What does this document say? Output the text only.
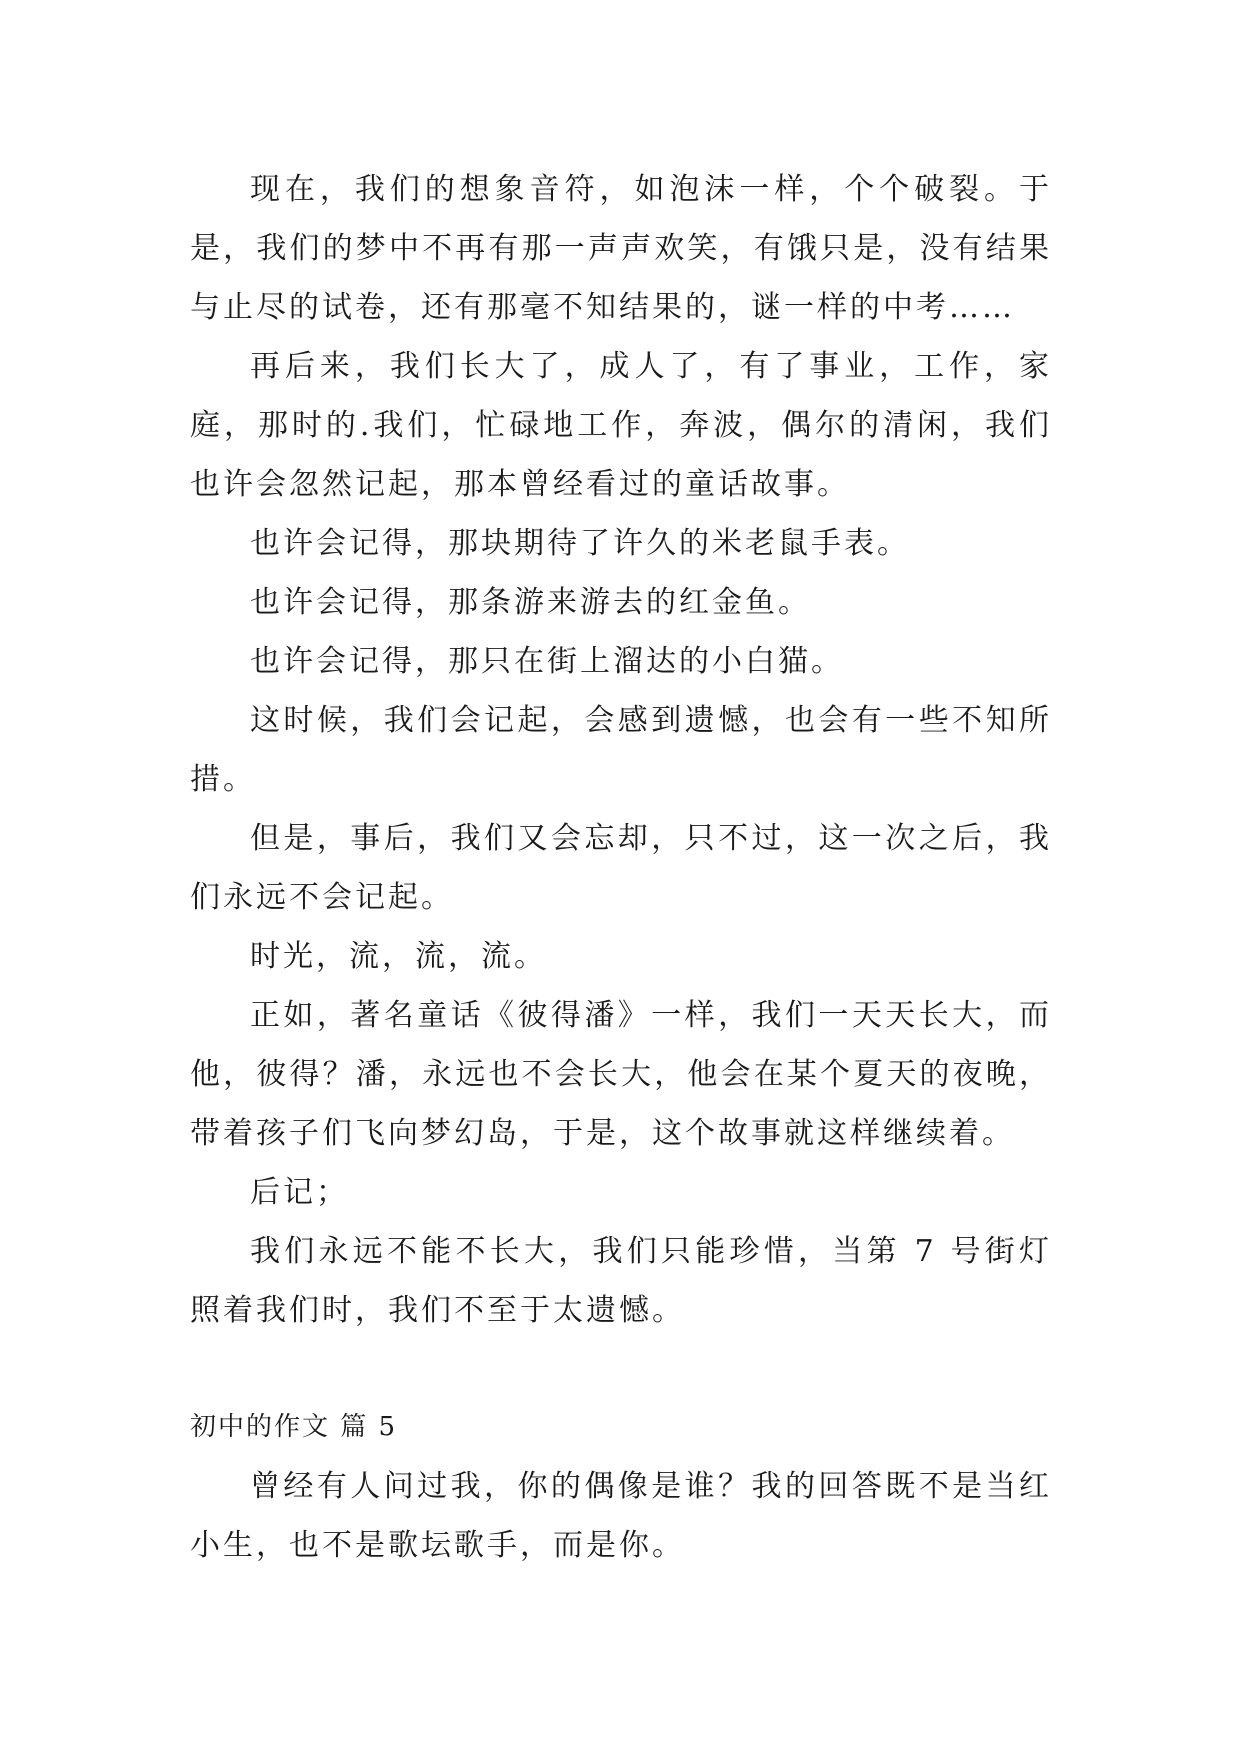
现在，我们的想象音符，如泡沫一样，个个破裂。于是，我们的梦中不再有那一声声欢笑，有饿只是，没有结果与止尽的试卷，还有那毫不知结果的，谜一样的中考……

再后来，我们长大了，成人了，有了事业，工作，家庭，那时的.我们，忙碌地工作，奔波，偶尔的清闲，我们也许会忽然记起，那本曾经看过的童话故事。

也许会记得，那块期待了许久的米老鼠手表。

也许会记得，那条游来游去的红金鱼。

也许会记得，那只在街上溜达的小白猫。

这时候，我们会记起，会感到遗憾，也会有一些不知所措。

但是，事后，我们又会忘却，只不过，这一次之后，我们永远不会记起。

时光，流，流，流。

正如，著名童话《彼得潘》一样，我们一天天长大，而他，彼得？潘，永远也不会长大，他会在某个夏天的夜晚，带着孩子们飞向梦幻岛，于是，这个故事就这样继续着。

后记；

我们永远不能不长大，我们只能珍惜，当第 7 号街灯照着我们时，我们不至于太遗憾。

初中的作文 篇 5

曾经有人问过我，你的偶像是谁？我的回答既不是当红小生，也不是歌坛歌手，而是你。
